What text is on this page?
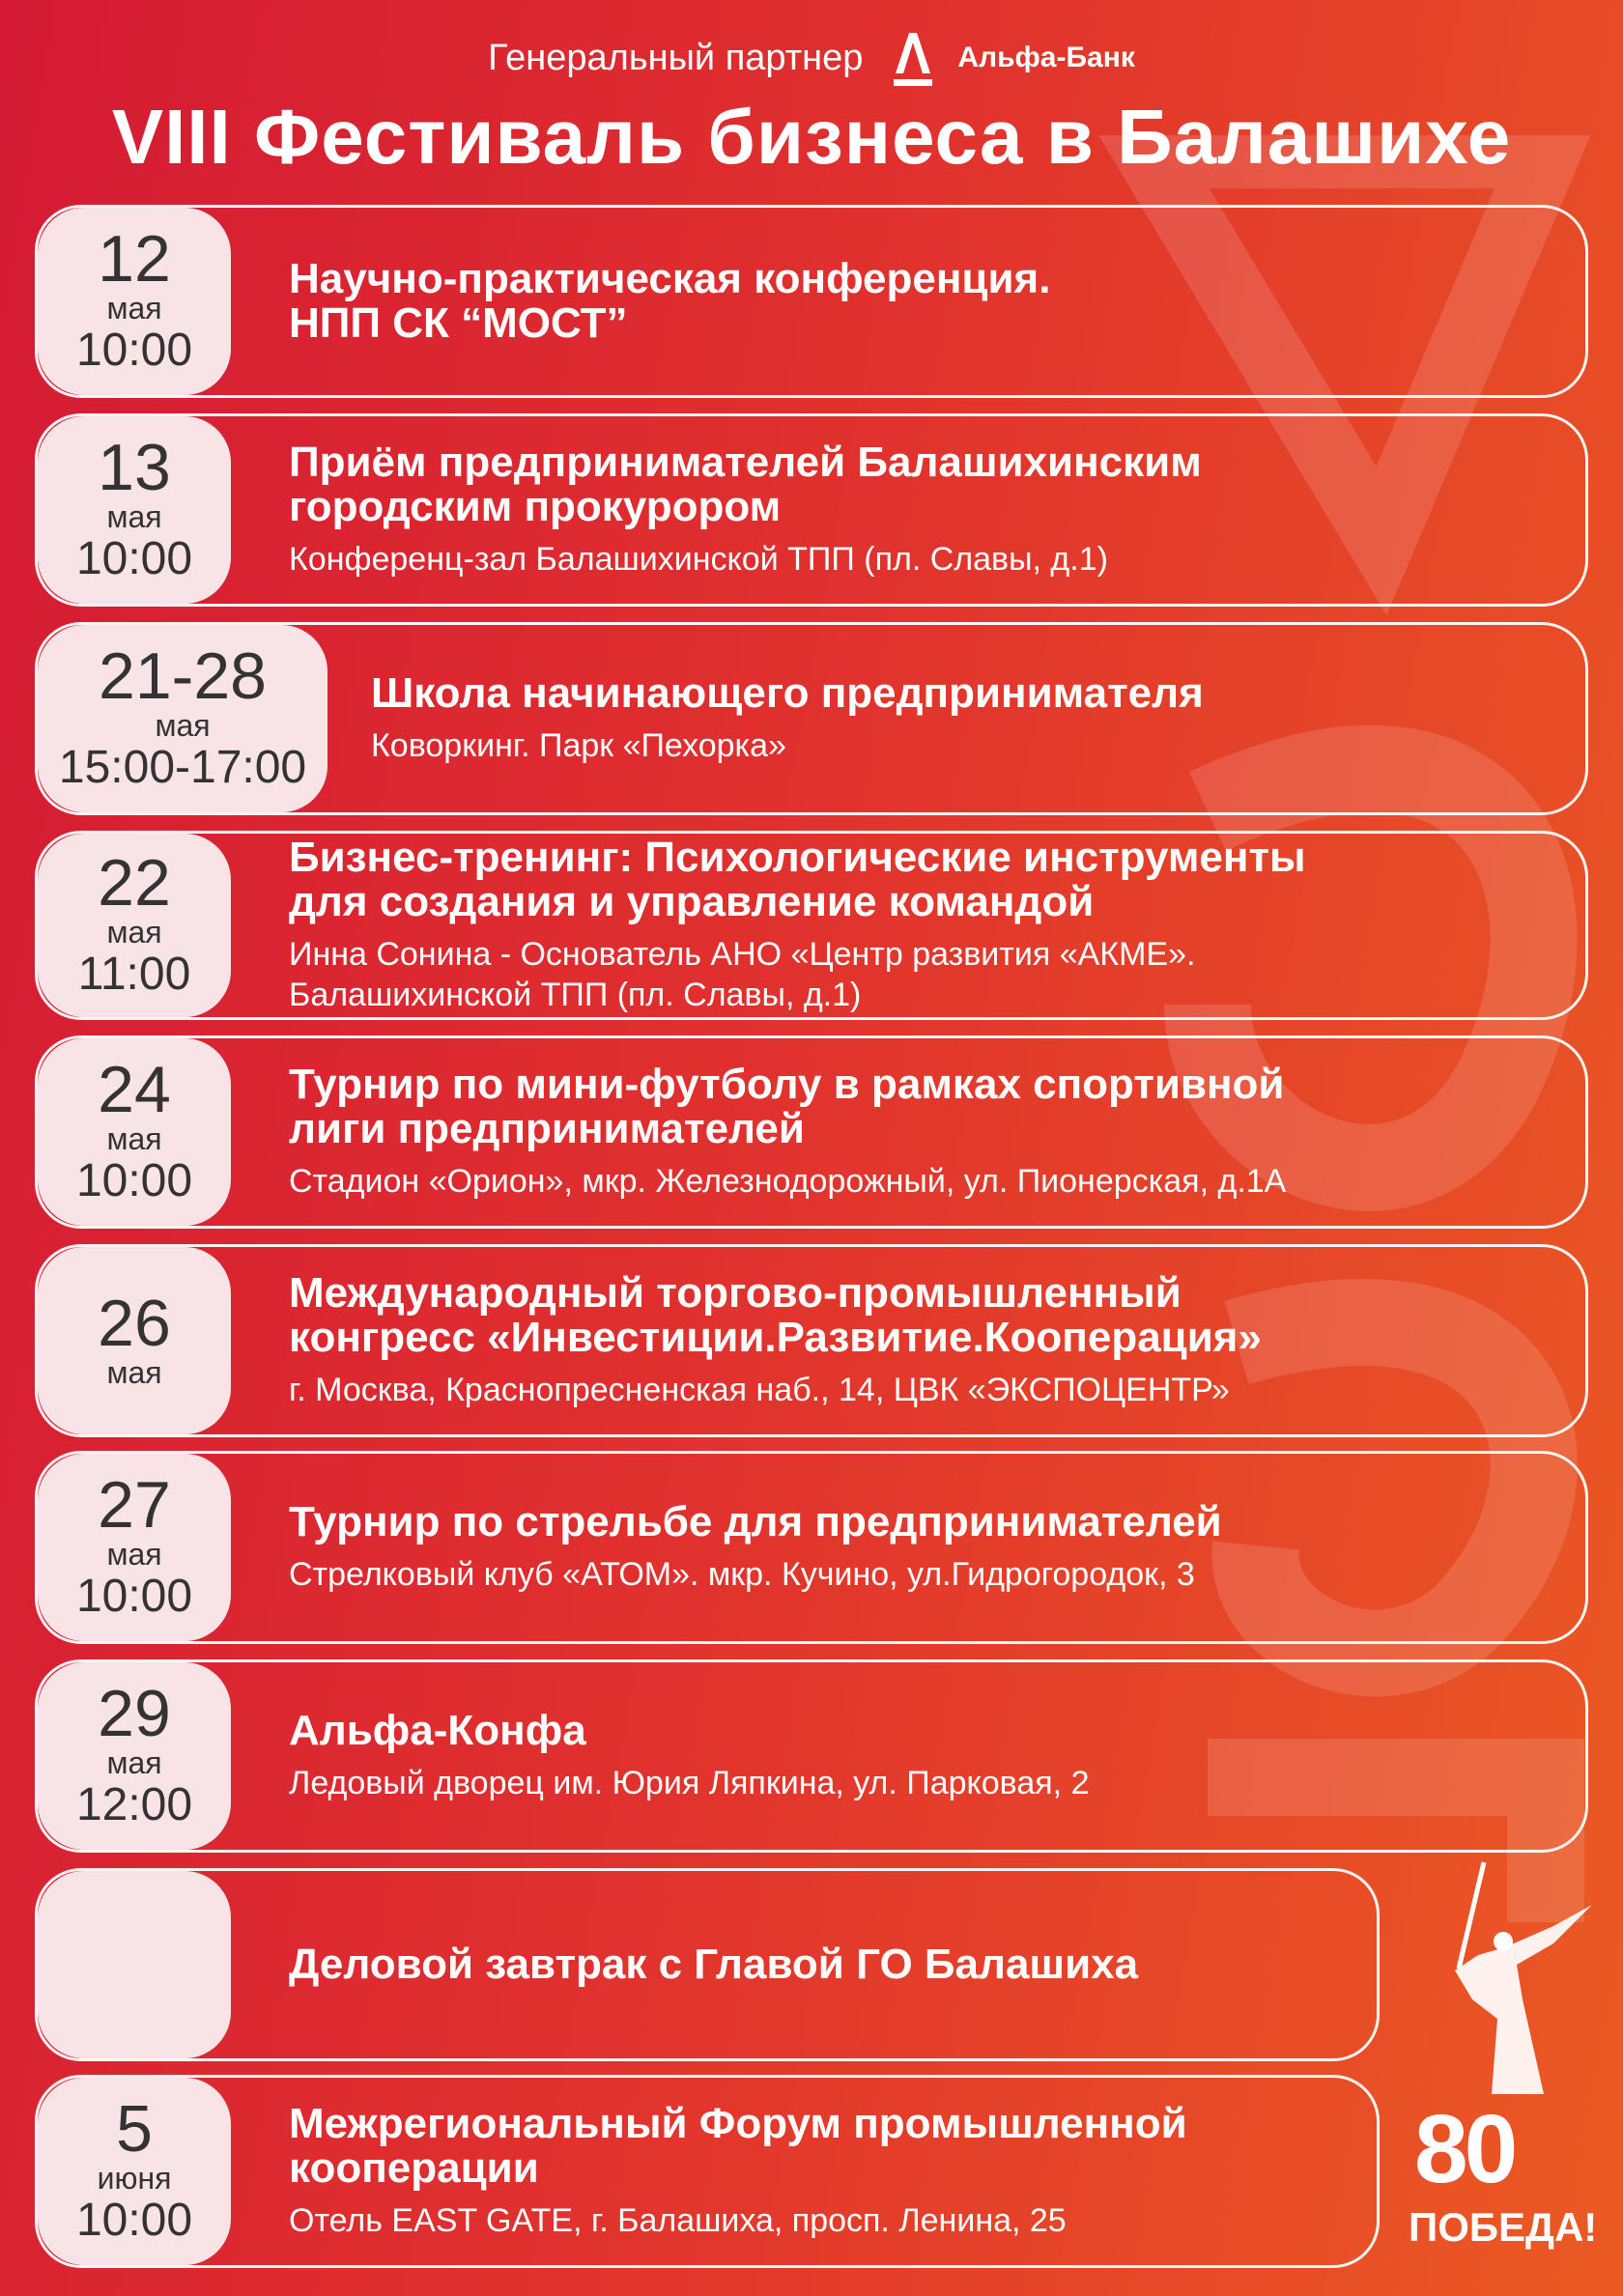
Генеральный партнер	Альфа-Банк
VIII Фестиваль бизнеса в Балашихе
12
мая
10:00
Научно-практическая конференция.
НПП СК “МОСТ”
13
мая
10:00
Приём предпринимателей Балашихинским
городским прокурором
Конференц-зал Балашихинской ТПП (пл. Славы, д.1)
21-28
мая
15:00-17:00
Школа начинающего предпринимателя
Коворкинг. Парк «Пехорка»
22
мая
11:00
Бизнес-тренинг: Психологические инструменты
для создания и управление командой
Инна Сонина - Основатель АНО «Центр развития «АКМЕ».
Балашихинской ТПП (пл. Славы, д.1)
24
мая
10:00
Турнир по мини-футболу в рамках спортивной
лиги предпринимателей
Стадион «Орион», мкр. Железнодорожный, ул. Пионерская, д.1А
26
мая
Международный торгово-промышленный
конгресс «Инвестиции.Развитие.Кооперация»
г. Москва, Краснопресненская наб., 14, ЦВК «ЭКСПОЦЕНТР»
27
мая
10:00
Турнир по стрельбе для предпринимателей
Стрелковый клуб «АТОМ». мкр. Кучино, ул.Гидрогородок, 3
29
мая
12:00
Альфа-Конфа
Ледовый дворец им. Юрия Ляпкина, ул. Парковая, 2
Деловой завтрак с Главой ГО Балашиха
5
июня
10:00
Межрегиональный Форум промышленной
кооперации
Отель EAST GATE, г. Балашиха, просп. Ленина, 25
80
ПОБЕДА!
